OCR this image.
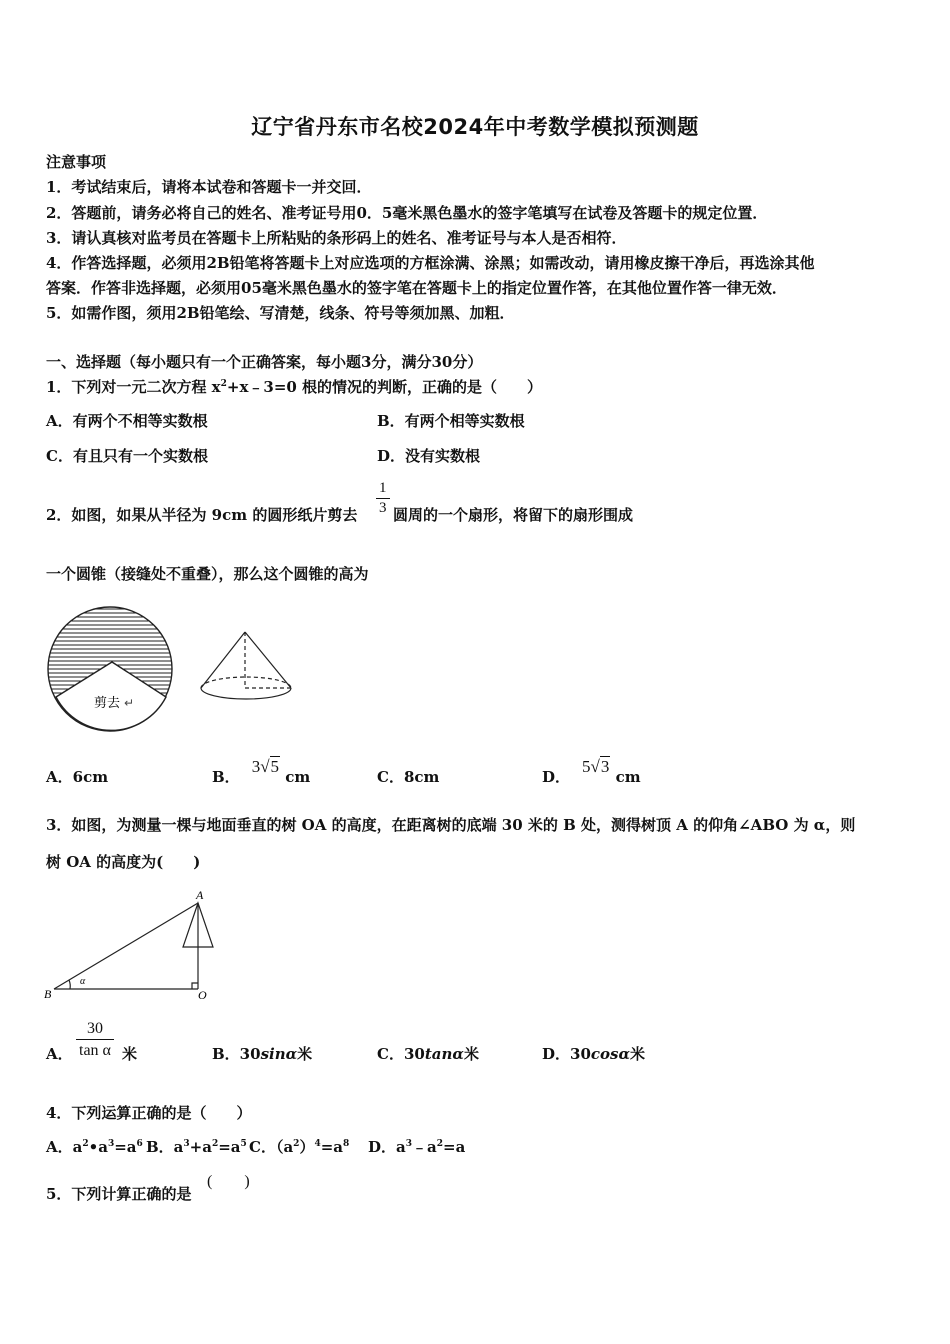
辽宁省丹东市名校2024年中考数学模拟预测题
注意事项
1．考试结束后，请将本试卷和答题卡一并交回．
2．答题前，请务必将自己的姓名、准考证号用0．5毫米黑色墨水的签字笔填写在试卷及答题卡的规定位置．
3．请认真核对监考员在答题卡上所粘贴的条形码上的姓名、准考证号与本人是否相符．
4．作答选择题，必须用2B铅笔将答题卡上对应选项的方框涂满、涂黑；如需改动，请用橡皮擦干净后，再选涂其他
答案．作答非选择题，必须用05毫米黑色墨水的签字笔在答题卡上的指定位置作答，在其他位置作答一律无效．
5．如需作图，须用2B铅笔绘、写清楚，线条、符号等须加黑、加粗．
一、选择题（每小题只有一个正确答案，每小题3分，满分30分）
1．下列对一元二次方程 $x^2+x﹣3=0$ 根的情况的判断，正确的是（　　）
A．有两个不相等实数根	B．有两个相等实数根
C．有且只有一个实数根	D．没有实数根
2．如图，如果从半径为 9cm 的圆形纸片剪去 $\frac{1}{3}$ 圆周的一个扇形，将留下的扇形围成
一个圆锥（接缝处不重叠），那么这个圆锥的高为
剪去 ↵
A．6cm	B．3√5 cm	C．8cm	D．5√3 cm
3．如图，为测量一棵与地面垂直的树 OA 的高度，在距离树的底端 30 米的 B 处，测得树顶 A 的仰角∠ABO 为 α，则
树 OA 的高度为(　　)
A
B	O
α
A． $\frac{30}{\text{tan α}}$ 米	B．30sinα米	C．30tanα米	D．30cosα米
4．下列运算正确的是（　　）
A．$a^2•a^3=a^6$ B．$a^3+a^2=a^5$ C．$(a^2)^4=a^8$ D．$a^3﹣a^2=a$
5．下列计算正确的是
(　　)
